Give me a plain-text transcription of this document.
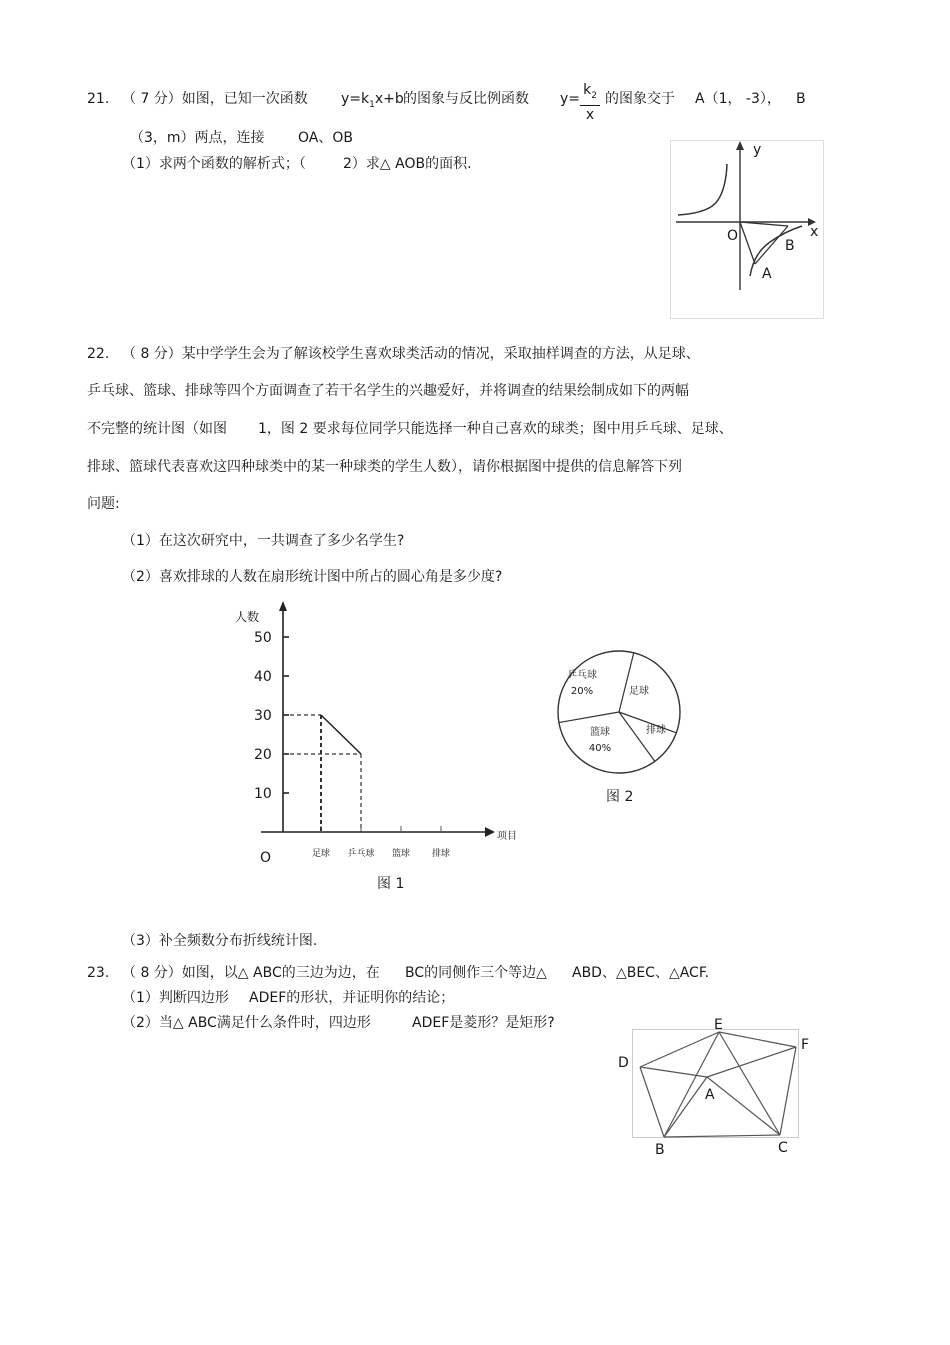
21. （ 7 分）如图，已知一次函数 $y=k_1x+b$ 的图象与反比例函数 y=
$k_2$
x
的图象交于 A（1， -3）， B
（3，m）两点，连接 OA、OB
（1）求两个函数的解析式；（	2）求△ AOB的面积.
y
x
O
B
A
22. （ 8 分）某中学学生会为了解该校学生喜欢球类活动的情况，采取抽样调查的方法，从足球、
乒乓球、篮球、排球等四个方面调查了若干名学生的兴趣爱好，并将调查的结果绘制成如下的两幅
不完整的统计图（如图 1，图 2 要求每位同学只能选择一种自己喜欢的球类；图中用乒乓球、足球、
排球、篮球代表喜欢这四种球类中的某一种球类的学生人数），请你根据图中提供的信息解答下列
问题:
（1）在这次研究中，一共调查了多少名学生?
（2）喜欢排球的人数在扇形统计图中所占的圆心角是多少度?
人数
项目
O
10
20
30
40
50
足球 乒乓球 篮球 排球
图 1
乒乓球
20%	足球
排球
篮球
40%
图 2
（3）补全频数分布折线统计图.
23. （ 8 分）如图，以△ ABC的三边为边，在 BC的同侧作三个等边△ ABD、△BEC、△ACF.
（1）判断四边形 ADEF的形状，并证明你的结论；
（2）当△ ABC满足什么条件时，四边形	ADEF是菱形？是矩形?	E
F
D
A
B	C
